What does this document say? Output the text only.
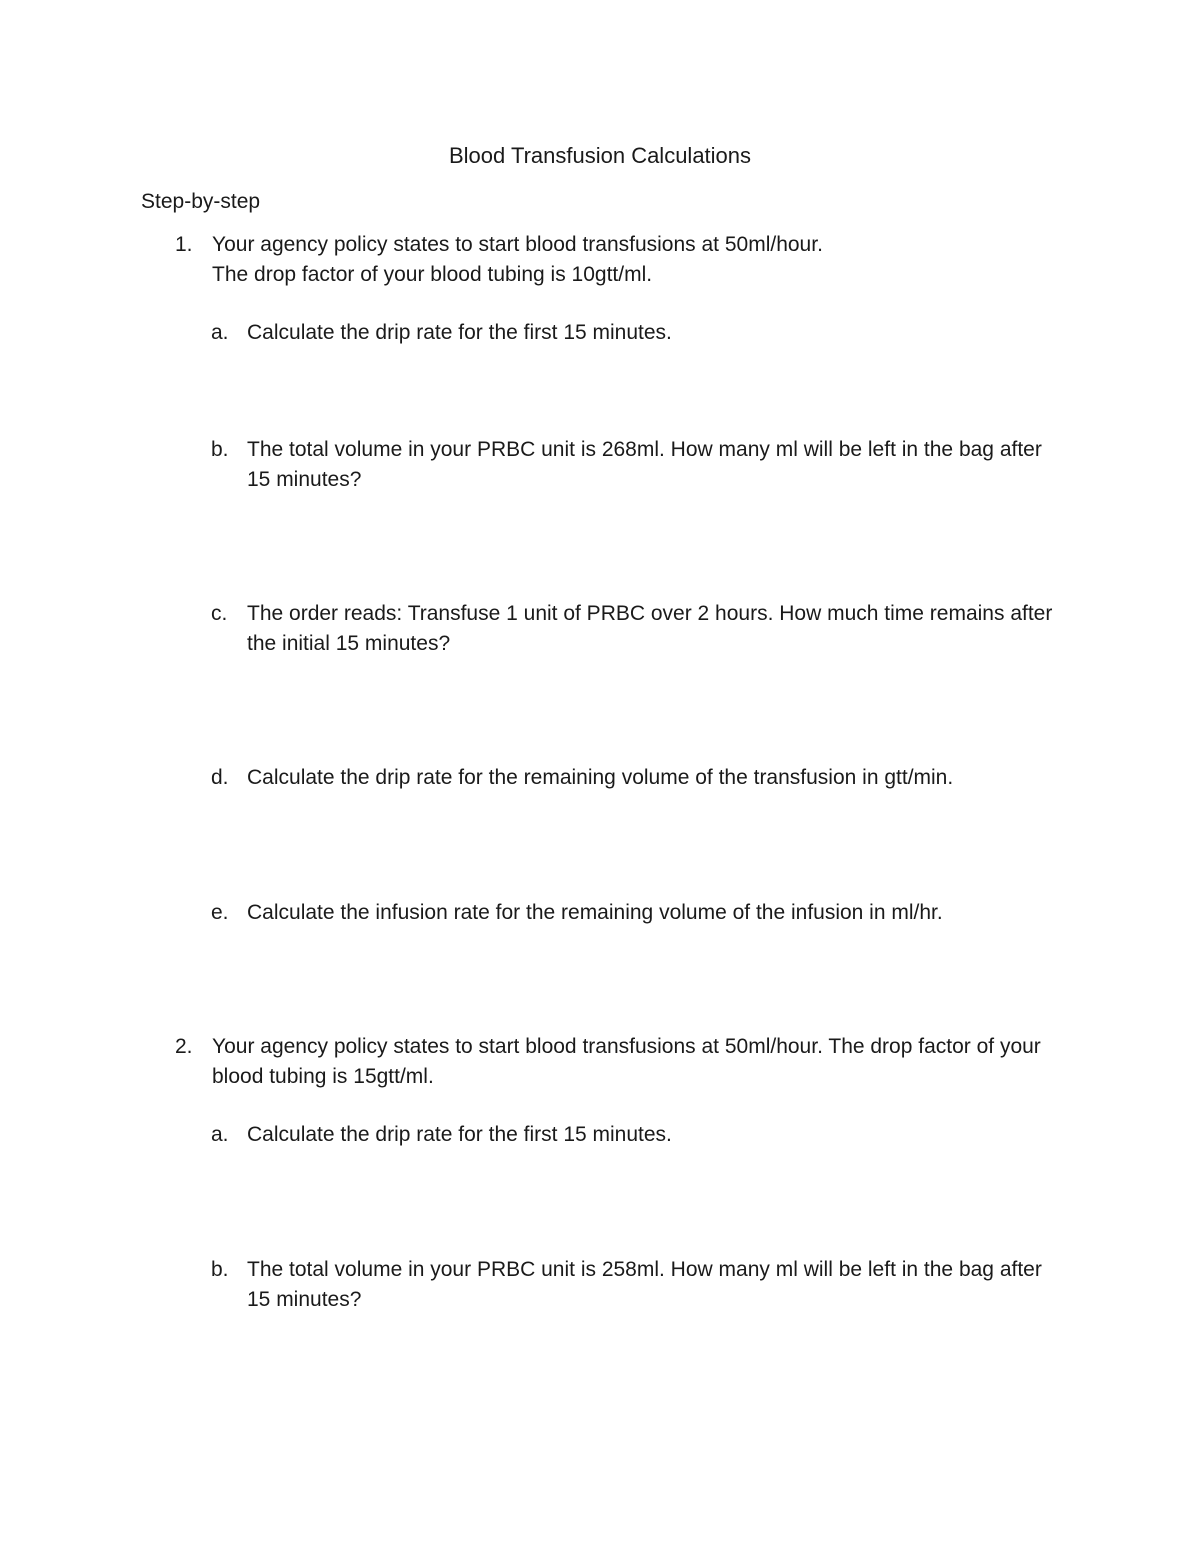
Blood Transfusion Calculations
Step-by-step
1. Your agency policy states to start blood transfusions at 50ml/hour.
The drop factor of your blood tubing is 10gtt/ml.
a. Calculate the drip rate for the first 15 minutes.
b. The total volume in your PRBC unit is 268ml. How many ml will be left in the bag after 15 minutes?
c. The order reads: Transfuse 1 unit of PRBC over 2 hours. How much time remains after the initial 15 minutes?
d. Calculate the drip rate for the remaining volume of the transfusion in gtt/min.
e. Calculate the infusion rate for the remaining volume of the infusion in ml/hr.
2. Your agency policy states to start blood transfusions at 50ml/hour. The drop factor of your blood tubing is 15gtt/ml.
a. Calculate the drip rate for the first 15 minutes.
b. The total volume in your PRBC unit is 258ml. How many ml will be left in the bag after 15 minutes?
